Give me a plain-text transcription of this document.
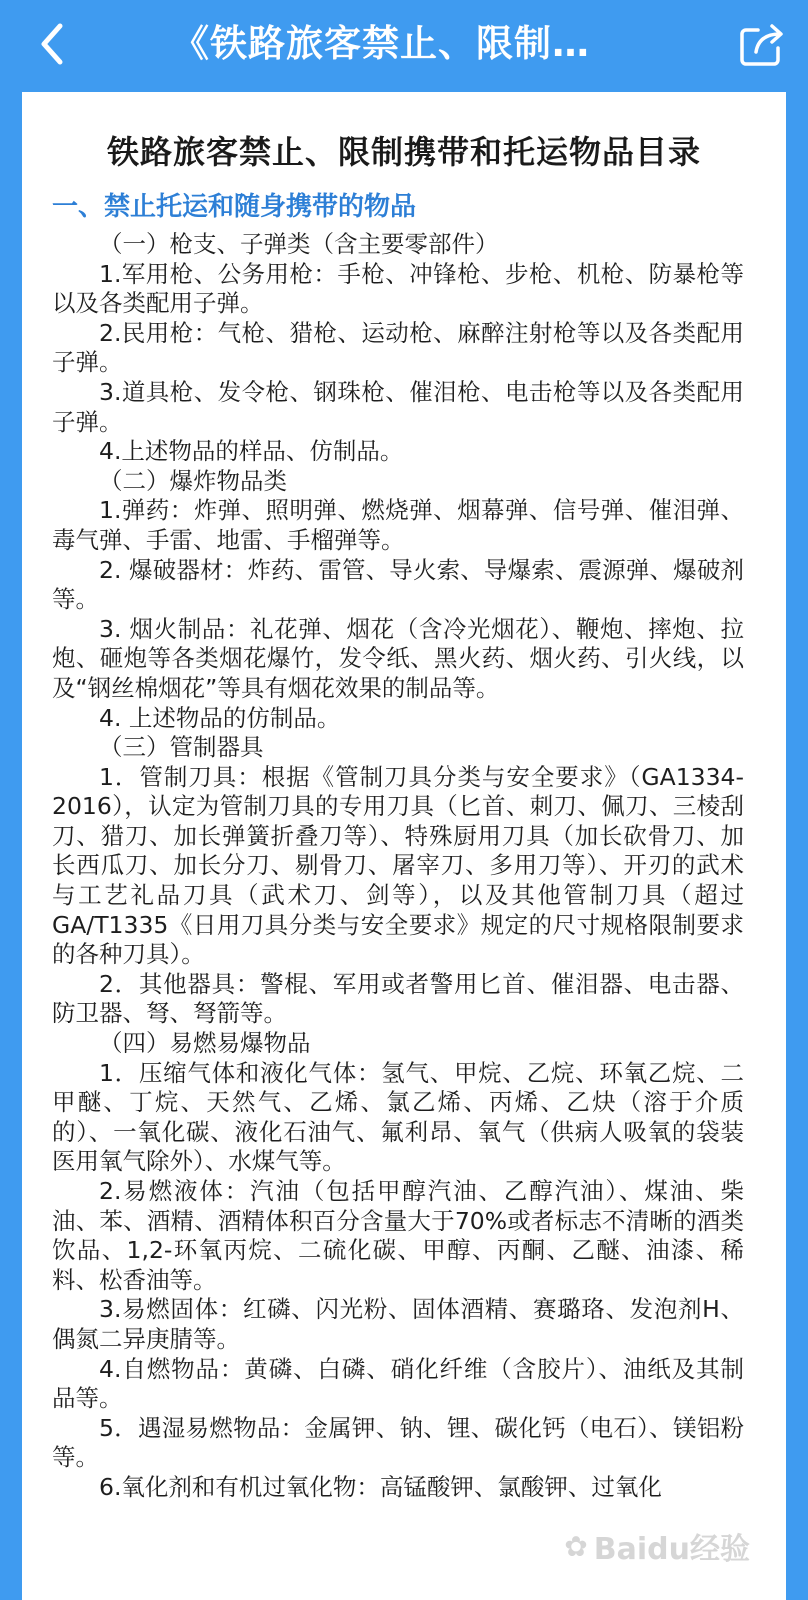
《铁路旅客禁止、限制…
铁路旅客禁止、限制携带和托运物品目录
一、禁止托运和随身携带的物品

（一）枪支、子弹类（含主要零部件）

1.军用枪、公务用枪：手枪、冲锋枪、步枪、机枪、防暴枪等以及各类配用子弹。

2.民用枪：气枪、猎枪、运动枪、麻醉注射枪等以及各类配用子弹。

3.道具枪、发令枪、钢珠枪、催泪枪、电击枪等以及各类配用子弹。

4.上述物品的样品、仿制品。

（二）爆炸物品类

1.弹药：炸弹、照明弹、燃烧弹、烟幕弹、信号弹、催泪弹、毒气弹、手雷、地雷、手榴弹等。

2. 爆破器材：炸药、雷管、导火索、导爆索、震源弹、爆破剂等。

3. 烟火制品：礼花弹、烟花（含冷光烟花）、鞭炮、摔炮、拉炮、砸炮等各类烟花爆竹，发令纸、黑火药、烟火药、引火线，以及“钢丝棉烟花”等具有烟花效果的制品等。

4. 上述物品的仿制品。

（三）管制器具

1．管制刀具：根据《管制刀具分类与安全要求》（GA1334-2016），认定为管制刀具的专用刀具（匕首、刺刀、佩刀、三棱刮刀、猎刀、加长弹簧折叠刀等）、特殊厨用刀具（加长砍骨刀、加长西瓜刀、加长分刀、剔骨刀、屠宰刀、多用刀等）、开刃的武术与工艺礼品刀具（武术刀、剑等），以及其他管制刀具（超过GA/T1335《日用刀具分类与安全要求》规定的尺寸规格限制要求的各种刀具）。

2．其他器具：警棍、军用或者警用匕首、催泪器、电击器、防卫器、弩、弩箭等。

（四）易燃易爆物品

1．压缩气体和液化气体：氢气、甲烷、乙烷、环氧乙烷、二甲醚、丁烷、天然气、乙烯、氯乙烯、丙烯、乙炔（溶于介质的）、一氧化碳、液化石油气、氟利昂、氧气（供病人吸氧的袋装医用氧气除外）、水煤气等。

2.易燃液体：汽油（包括甲醇汽油、乙醇汽油）、煤油、柴油、苯、酒精、酒精体积百分含量大于70%或者标志不清晰的酒类饮品、1,2-环氧丙烷、二硫化碳、甲醇、丙酮、乙醚、油漆、稀料、松香油等。

3.易燃固体：红磷、闪光粉、固体酒精、赛璐珞、发泡剂H、偶氮二异庚腈等。

4.自燃物品：黄磷、白磷、硝化纤维（含胶片）、油纸及其制品等。

5．遇湿易燃物品：金属钾、钠、锂、碳化钙（电石）、镁铝粉等。

6.氧化剂和有机过氧化物：高锰酸钾、氯酸钾、过氧化

✿ Baidu经验
